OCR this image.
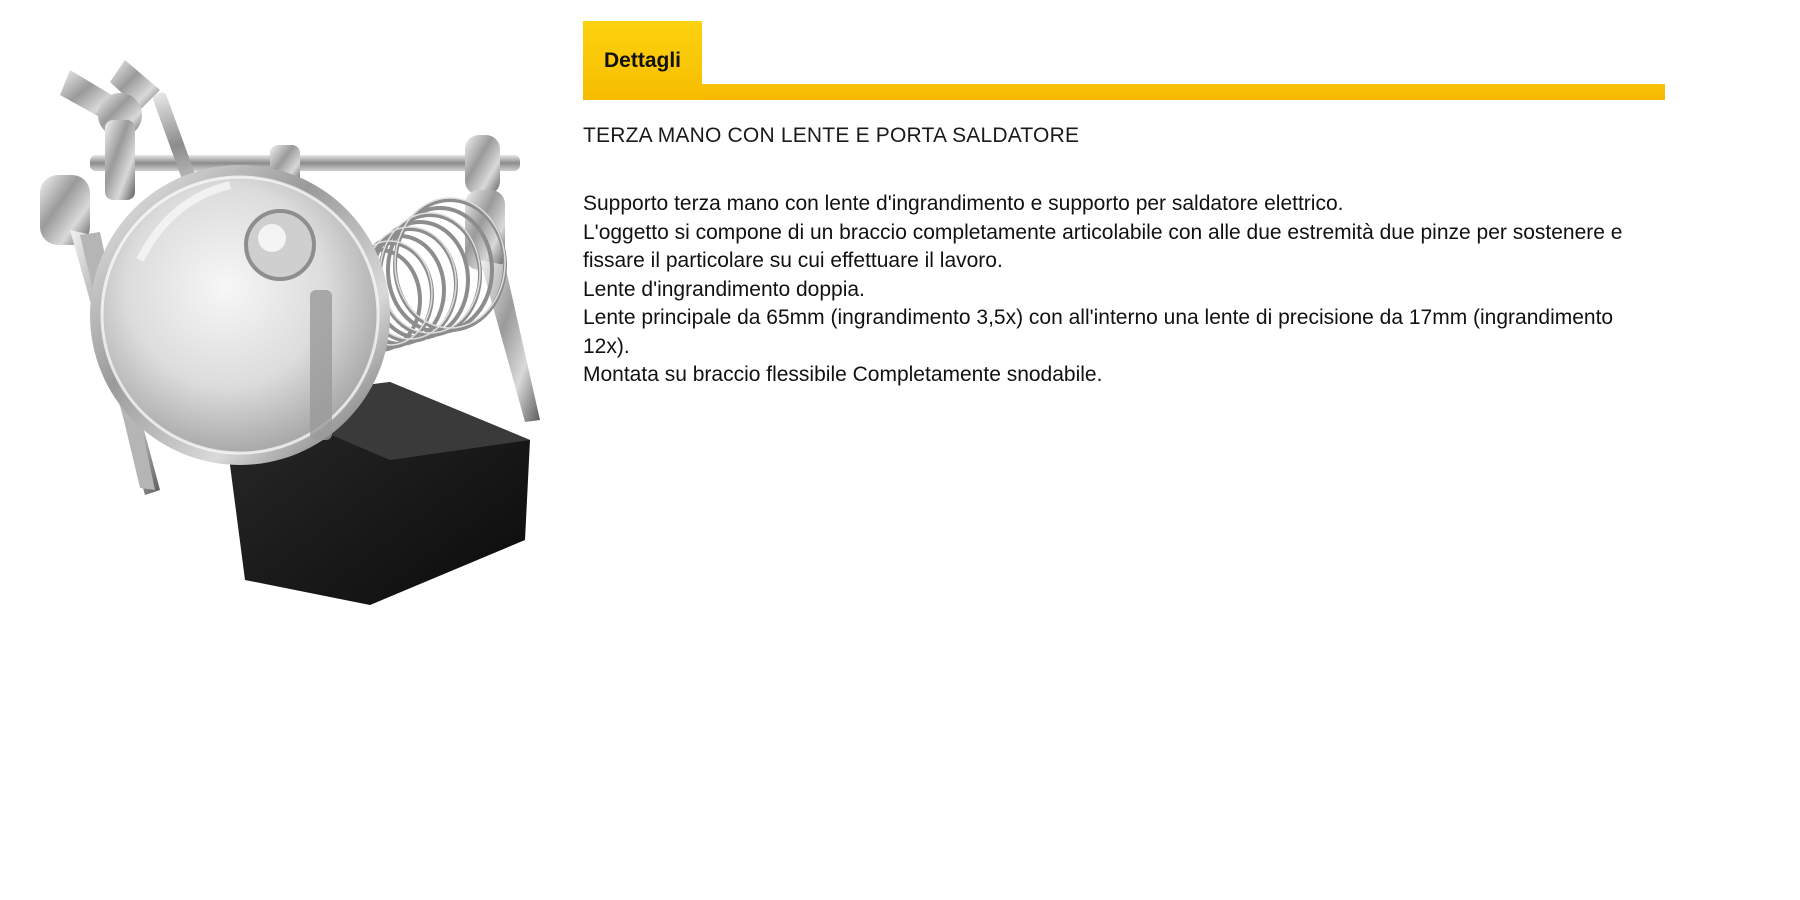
Dettagli
TERZA MANO CON LENTE E PORTA SALDATORE

Supporto terza mano con lente d'ingrandimento e supporto per saldatore elettrico.

L'oggetto si compone di un braccio completamente articolabile con alle due estremità due pinze per sostenere e fissare il particolare su cui effettuare il lavoro.

Lente d'ingrandimento doppia.

Lente principale da 65mm (ingrandimento 3,5x) con all'interno una lente di precisione da 17mm (ingrandimento 12x).

Montata su braccio flessibile Completamente snodabile.
